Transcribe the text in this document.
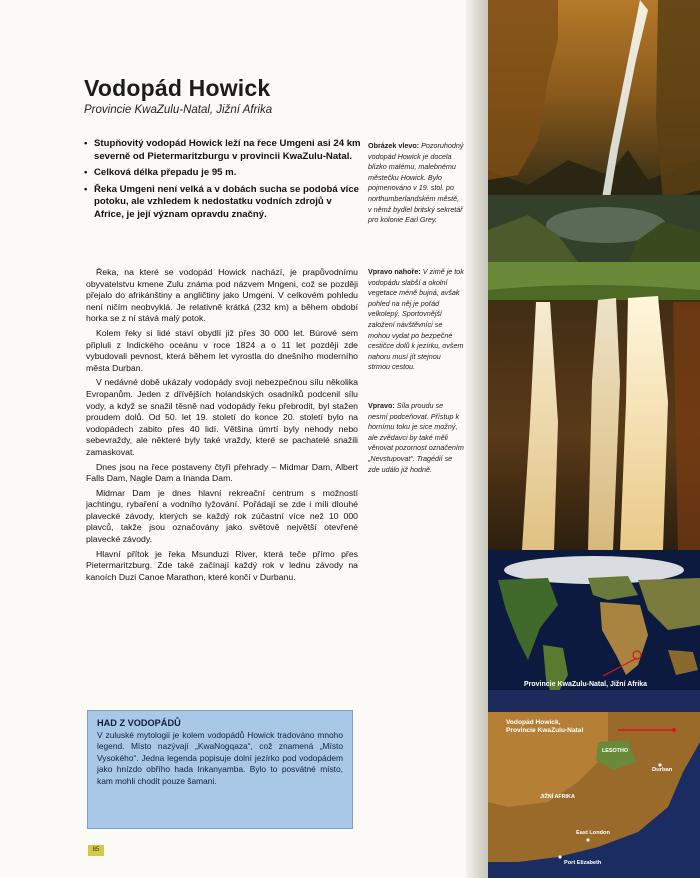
Vodopád Howick
Provincie KwaZulu-Natal, Jižní Afrika
• Stupňovitý vodopád Howick leží na řece Umgeni asi 24 km severně od Pietermaritzburgu v provincii KwaZulu-Natal.
• Celková délka přepadu je 95 m.
• Řeka Umgeni není velká a v dobách sucha se podobá více potoku, ale vzhledem k nedostatku vodních zdrojů v Africe, je její význam opravdu značný.
Obrázek vlevo: Pozoruhodný vodopád Howick je docela blízko malému, malebnému městečku Howick. Bylo pojmenováno v 19. stol. po northumberlandském městě, v němž bydlel britský sekretář pro kolonie Earl Grey.
Vpravo nahoře: V zimě je tok vodopádu slabší a okolní vegetace méně bujná, avšak pohled na něj je pořád velkolepý. Sportovnější založení návštěvníci se mohou vydat po bezpečné cestičce dolů k jezírku, ovšem nahoru musí jít stejnou strmou cestou.
Vpravo: Síla proudu se nesmí podceňovat. Přístup k hornímu toku je sice možný, ale zvědavci by také měli věnovat pozornost označením „Nevstupovat“. Tragédií se zde událo již hodně.

Řeka, na které se vodopád Howick nachází, je prapůvodnímu obyvatelstvu kmene Zulu známa pod názvem Mngeni, což se později přejalo do afrikánštiny a angličtiny jako Umgeni. V celkovém pohledu není ničím neobvyklá. Je relativně krátká (232 km) a během období horka se z ní stává malý potok.

Kolem řeky si lidé staví obydlí již přes 30 000 let. Búrové sem připluli z Indického oceánu v roce 1824 a o 11 let později zde vybudovali pevnost, která během let vyrostla do dnešního moderního města Durban.

V nedávné době ukázaly vodopády svoji nebezpečnou sílu několika Evropanům. Jeden z dřívějších holandských osadníků podcenil sílu vody, a když se snažil těsně nad vodopády řeku přebrodit, byl stažen proudem dolů. Od 50. let 19. století do konce 20. století bylo na vodopádech zabito přes 40 lidí. Většina úmrtí byly nehody nebo sebevraždy, ale některé byly také vraždy, které se pachatelé snažili zamaskovat.

Dnes jsou na řece postaveny čtyři přehrady – Midmar Dam, Albert Falls Dam, Nagle Dam a Inanda Dam.

Midmar Dam je dnes hlavní rekreační centrum s možností jachtingu, rybaření a vodního lyžování. Pořádají se zde i míli dlouhé plavecké závody, kterých se každý rok zúčastní více než 10 000 plavců, takže jsou označovány jako světově největší otevřené plavecké závody.

Hlavní přítok je řeka Msunduzi River, která teče přímo přes Pietermaritzburg. Zde také začínají každý rok v lednu závody na kanoích Duzi Canoe Marathon, které končí v Durbanu.

HAD Z VODOPÁDŮ

V zuluské mytologii je kolem vodopádů Howick tradováno mnoho legend. Místo nazývají „KwaNogqaza“, což znamená „Místo Vysokého“. Jedna legenda popisuje dolní jezírko pod vodopádem jako hnízdo obřího hada Inkanyamba. Bylo to posvátné místo, kam mohli chodit pouze šamani.

85
Provincie KwaZulu-Natal, Jižní Afrika
Vodopád Howick,
Provincie KwaZulu-Natal
LESOTHO
Durban
JIŽNÍ AFRIKA
East London
Port Elizabeth
